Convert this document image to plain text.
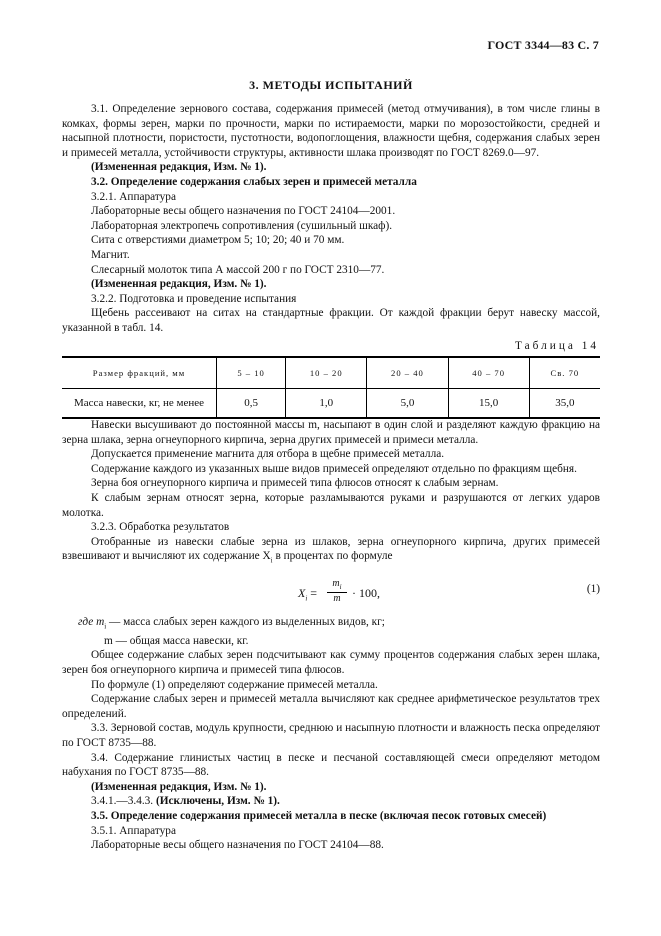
ГОСТ 3344—83 С. 7
3. МЕТОДЫ ИСПЫТАНИЙ

3.1. Определение зернового состава, содержания примесей (метод отмучивания), в том числе глины в комках, формы зерен, марки по прочности, марки по истираемости, марки по морозостойкости, средней и насыпной плотности, пористости, пустотности, водопоглощения, влажности щебня, содержания слабых зерен и примесей металла, устойчивости структуры, активности шлака производят по ГОСТ 8269.0—97.

(Измененная редакция, Изм. № 1).

3.2. Определение содержания слабых зерен и примесей металла

3.2.1. Аппаратура

Лабораторные весы общего назначения по ГОСТ 24104—2001.

Лабораторная электропечь сопротивления (сушильный шкаф).

Сита с отверстиями диаметром 5; 10; 20; 40 и 70 мм.

Магнит.

Слесарный молоток типа А массой 200 г по ГОСТ 2310—77.

(Измененная редакция, Изм. № 1).

3.2.2. Подготовка и проведение испытания

Щебень рассеивают на ситах на стандартные фракции. От каждой фракции берут навеску массой, указанной в табл. 14.

Таблица 14
Размер фракций, мм	5 – 10	10 – 20	20 – 40	40 – 70	Св. 70
Масса навески, кг, не менее	0,5	1,0	5,0	15,0	35,0

Навески высушивают до постоянной массы m, насыпают в один слой и разделяют каждую фракцию на зерна шлака, зерна огнеупорного кирпича, зерна других примесей и примеси металла.

Допускается применение магнита для отбора в щебне примесей металла.

Содержание каждого из указанных выше видов примесей определяют отдельно по фракциям щебня.

Зерна боя огнеупорного кирпича и примесей типа флюсов относят к слабым зернам.

К слабым зернам относят зерна, которые разламываются руками и разрушаются от легких ударов молотка.

3.2.3. Обработка результатов

Отобранные из навески слабые зерна из шлаков, зерна огнеупорного кирпича, других примесей взвешивают и вычисляют их содержание $X_i$ в процентах по формуле

$X_i = \frac{m_i}{m} \cdot 100$,	(1)

где $m_i$ — масса слабых зерен каждого из выделенных видов, кг;

m — общая масса навески, кг.

Общее содержание слабых зерен подсчитывают как сумму процентов содержания слабых зерен шлака, зерен боя огнеупорного кирпича и примесей типа флюсов.

По формуле (1) определяют содержание примесей металла.

Содержание слабых зерен и примесей металла вычисляют как среднее арифметическое результатов трех определений.

3.3. Зерновой состав, модуль крупности, среднюю и насыпную плотности и влажность песка определяют по ГОСТ 8735—88.

3.4. Содержание глинистых частиц в песке и песчаной составляющей смеси определяют методом набухания по ГОСТ 8735—88.

(Измененная редакция, Изм. № 1).

3.4.1.—3.4.3. (Исключены, Изм. № 1).

3.5. Определение содержания примесей металла в песке (включая песок готовых смесей)

3.5.1. Аппаратура

Лабораторные весы общего назначения по ГОСТ 24104—88.
